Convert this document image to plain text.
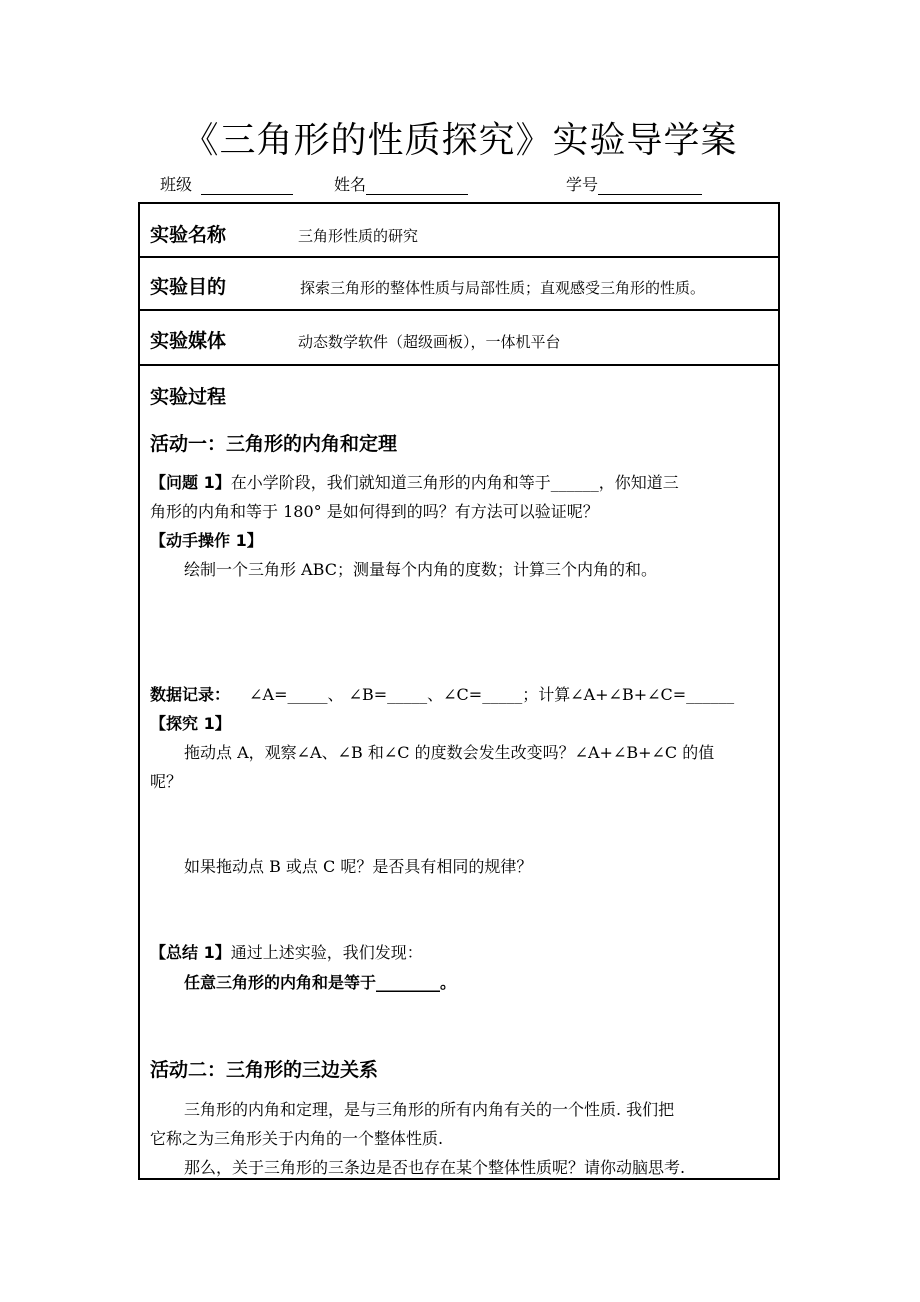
《三角形的性质探究》实验导学案
班级	姓名	学号
实验名称	三角形性质的研究
实验目的	探索三角形的整体性质与局部性质；直观感受三角形的性质。
实验媒体	动态数学软件（超级画板），一体机平台
实验过程
活动一：三角形的内角和定理
【问题 1】在小学阶段，我们就知道三角形的内角和等于______，你知道三
角形的内角和等于 180° 是如何得到的吗？有方法可以验证呢？
【动手操作 1】
绘制一个三角形 ABC；测量每个内角的度数；计算三个内角的和。
数据记录： ∠A=_____、 ∠B=_____、∠C=_____；计算∠A+∠B+∠C=______
【探究 1】
拖动点 A，观察∠A、∠B 和∠C 的度数会发生改变吗？∠A+∠B+∠C 的值
呢？
如果拖动点 B 或点 C 呢？是否具有相同的规律？
【总结 1】通过上述实验，我们发现：
任意三角形的内角和是等于________。
活动二：三角形的三边关系
三角形的内角和定理，是与三角形的所有内角有关的一个性质. 我们把
它称之为三角形关于内角的一个整体性质.
那么，关于三角形的三条边是否也存在某个整体性质呢？请你动脑思考.
